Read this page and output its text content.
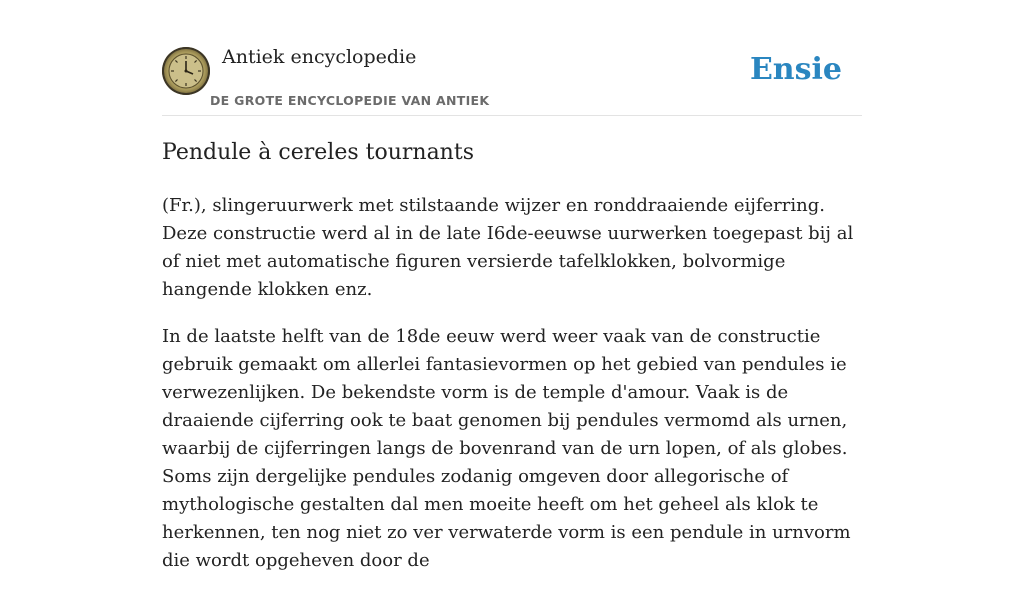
Antiek encyclopedie
DE GROTE ENCYCLOPEDIE VAN ANTIEK
Ensie
Pendule à cereles tournants

(Fr.), slingeruurwerk met stilstaande wijzer en ronddraaiende eijferring. Deze constructie werd al in de late I6de-eeuwse uurwerken toegepast bij al of niet met automatische figuren versierde tafelklokken, bolvormige hangende klokken enz.

In de laatste helft van de 18de eeuw werd weer vaak van de constructie gebruik gemaakt om allerlei fantasievormen op het gebied van pendules ie verwezenlijken. De bekendste vorm is de temple d'amour. Vaak is de draaiende cijferring ook te baat genomen bij pendules vermomd als urnen, waarbij de cijferringen langs de bovenrand van de urn lopen, of als globes. Soms zijn dergelijke pendules zodanig omgeven door allegorische of mythologische gestalten dal men moeite heeft om het geheel als klok te herkennen, ten nog niet zo ver verwaterde vorm is een pendule in urnvorm die wordt opgeheven door de
